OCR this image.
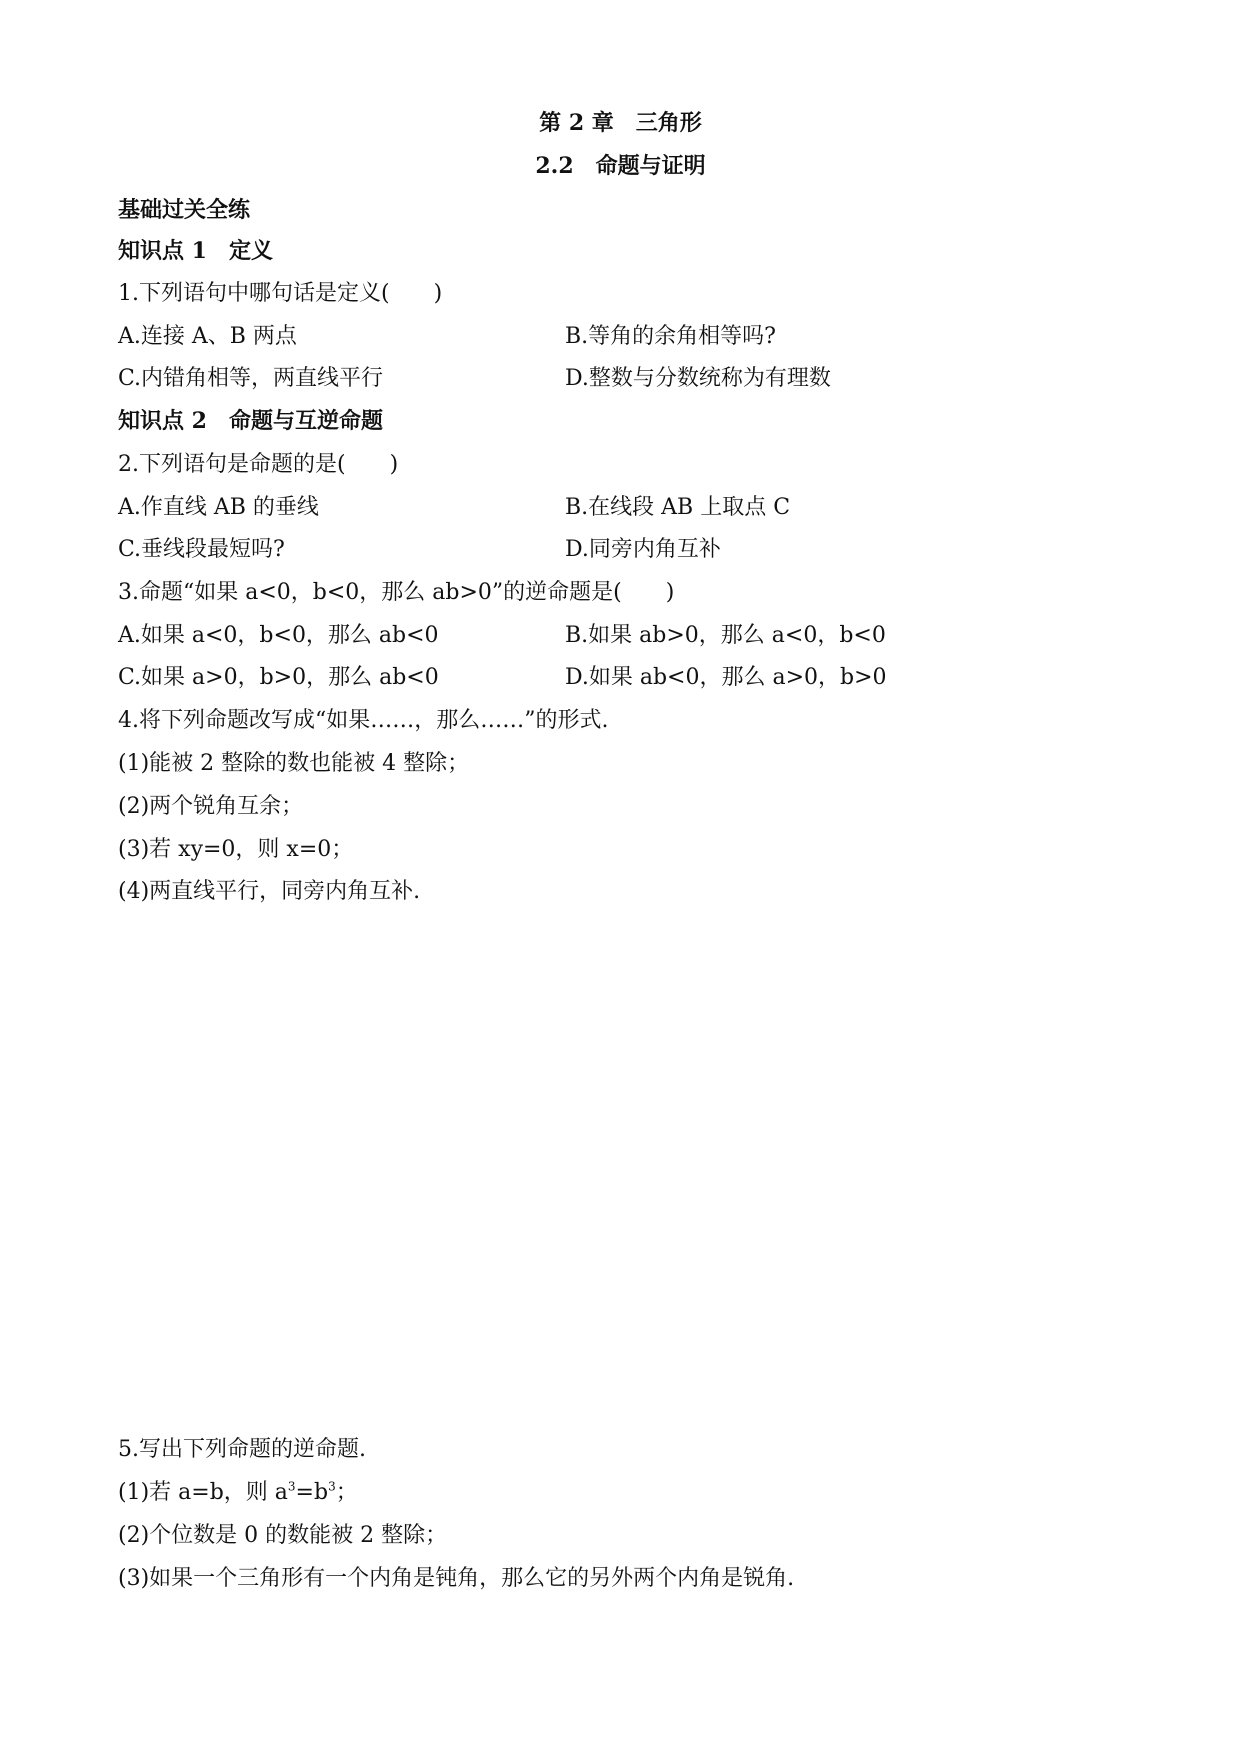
第 2 章　三角形
2.2　命题与证明
基础过关全练
知识点 1　定义
1.下列语句中哪句话是定义(　　)
A.连接 A、B 两点	B.等角的余角相等吗?
C.内错角相等，两直线平行	D.整数与分数统称为有理数
知识点 2　命题与互逆命题
2.下列语句是命题的是(　　)
A.作直线 AB 的垂线	B.在线段 AB 上取点 C
C.垂线段最短吗?	D.同旁内角互补
3.命题“如果 a<0，b<0，那么 ab>0”的逆命题是(　　)
A.如果 a<0，b<0，那么 ab<0	B.如果 ab>0，那么 a<0，b<0
C.如果 a>0，b>0，那么 ab<0	D.如果 ab<0，那么 a>0，b>0
4.将下列命题改写成“如果……，那么……”的形式.
(1)能被 2 整除的数也能被 4 整除；
(2)两个锐角互余；
(3)若 xy=0，则 x=0；
(4)两直线平行，同旁内角互补.
5.写出下列命题的逆命题.
(1)若 a=b，则 $a^3=b^3$；
(2)个位数是 0 的数能被 2 整除；
(3)如果一个三角形有一个内角是钝角，那么它的另外两个内角是锐角.
